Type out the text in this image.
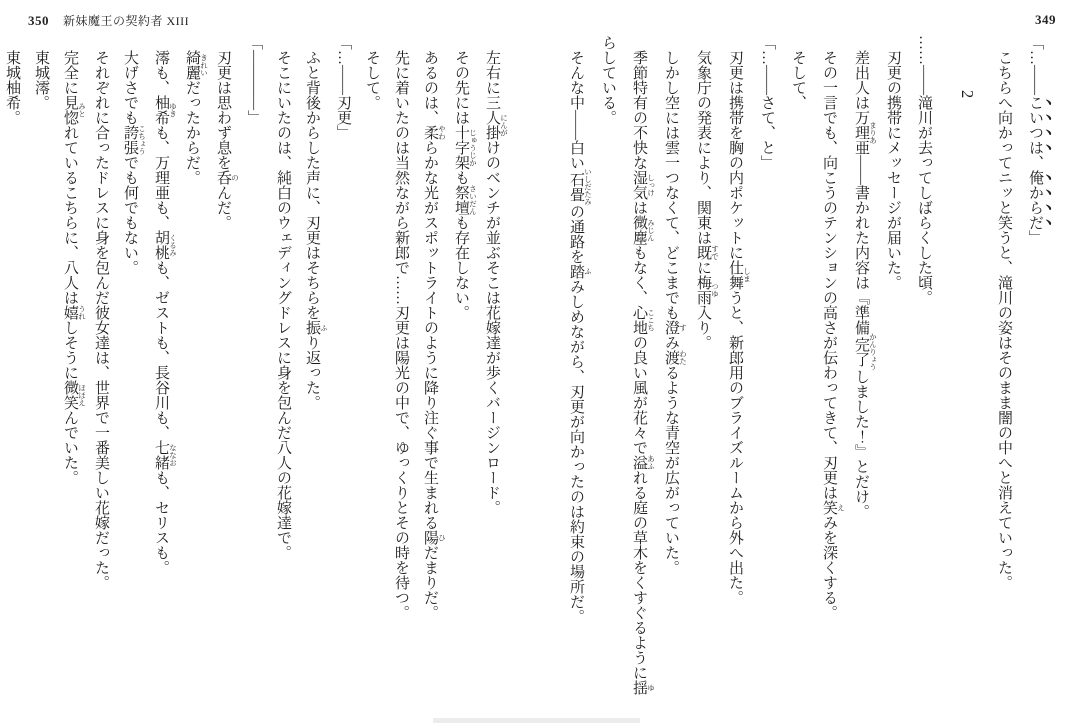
350 新妹魔王の契約者 XIII

左右に三人掛 にんがけのベンチが並ぶそこは花嫁達が歩くバージンロード。

その先には十字架 じゅうじかも祭壇 さいだんも存在しない。

あるのは、柔 やわらかな光がスポットライトのように降り注ぐ事で生まれる陽 ひだまりだ。

先に着いたのは当然ながら新郎で……刃更は陽光の中で、ゆっくりとその時を待つ。

そして。

「…――刃更」

ふと背後からした声に、刃更はそちらを振 ふり返った。

そこにいたのは、純白のウェディングドレスに身を包んだ八人の花嫁達で。

「――――」

刃更は思わず息を呑 のんだ。

綺麗 きれいだったからだ。

澪も、柚希 ゆきも、万理亜も、胡桃 くるみも、ゼストも、長谷川も、七緒 ななおも、セリスも。

大げさでも誇張 こちょうでも何でもない。

それぞれに合ったドレスに身を包んだ彼女達は、世界で一番美しい花嫁だった。

完全に見惚 みとれているこちらに、八人は嬉 うれしそうに微笑 ほほえんでいた。

東城澪。

東城柚希。

349

「…――こいつは、俺からだ」

こちらへ向かってニッと笑うと、滝川の姿はそのまま闇の中へと消えていった。

2

……――滝川が去ってしばらくした頃。

刃更の携帯にメッセージが届いた。

差出人は万理亜 まりあ――書かれた内容は『準備完了 かんりょうしました！』とだけ。

その一言でも、向こうのテンションの高さが伝わってきて、刃更は笑 えみを深くする。

そして、

「…――さて、と」

刃更は携帯を胸の内ポケットに仕舞 しまうと、新郎用のブライズルームから外へ出た。

気象庁の発表により、関東は既 すでに梅雨 つゆ入り。

しかし空には雲一つなくて、どこまでも澄 すみ渡 わたるような青空が広がっていた。

季節特有の不快な湿気 しっけは微塵 みじんもなく、心地 ここちの良い風が花々で溢 あふれる庭の草木をくすぐるように揺 ゆらしている。

そんな中――白い石畳 いしだたみの通路を踏 ふみしめながら、刃更が向かったのは約束の場所だ。
